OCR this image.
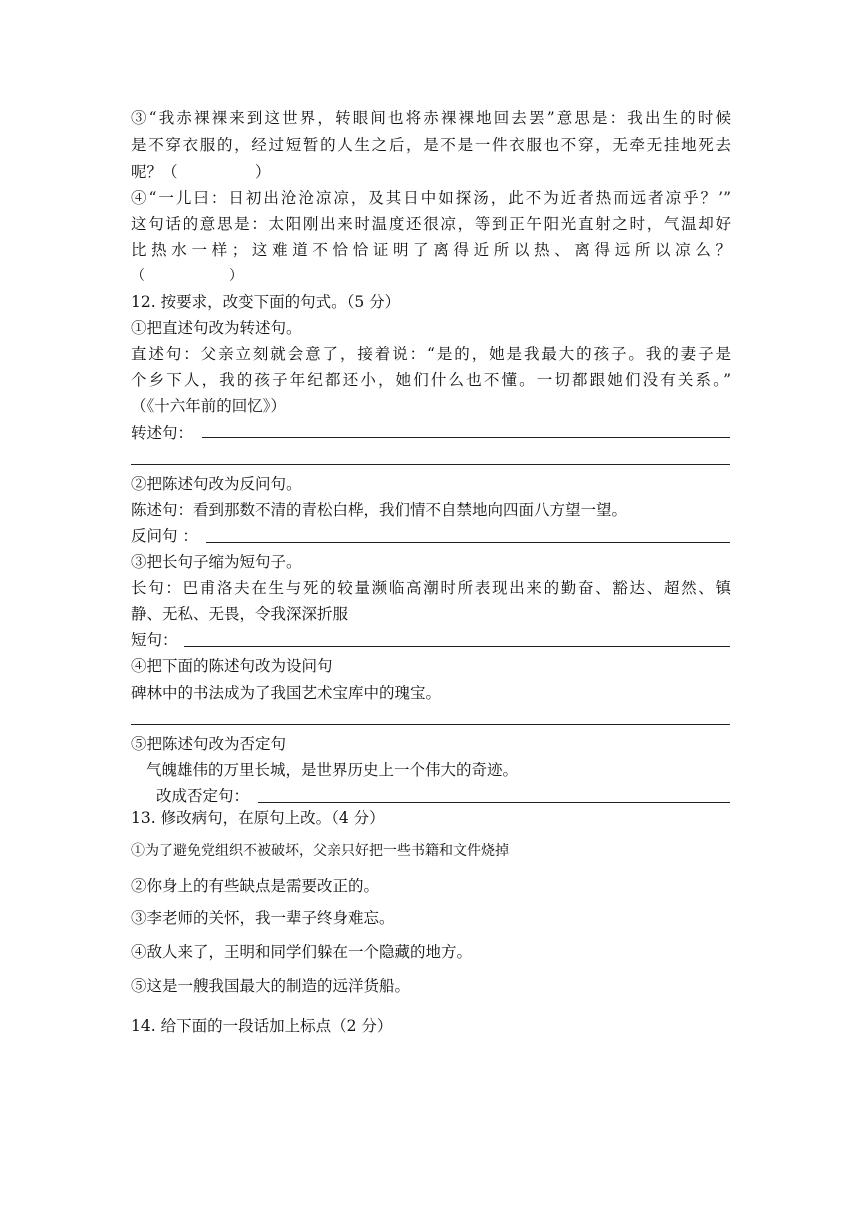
③“我赤裸裸来到这世界，转眼间也将赤裸裸地回去罢”意思是：我出生的时候
是不穿衣服的，经过短暂的人生之后，是不是一件衣服也不穿，无牵无挂地死去
呢？（　　　　　）
④“一儿曰：日初出沧沧凉凉，及其日中如探汤，此不为近者热而远者凉乎？’”
这句话的意思是：太阳刚出来时温度还很凉，等到正午阳光直射之时，气温却好
比热水一样；这难道不恰恰证明了离得近所以热、离得远所以凉么？
（　　　　　　）
12. 按要求，改变下面的句式。（5 分）
①把直述句改为转述句。
直述句：父亲立刻就会意了，接着说：“是的，她是我最大的孩子。我的妻子是
个乡下人，我的孩子年纪都还小，她们什么也不懂。一切都跟她们没有关系。”
（《十六年前的回忆》）
转述句：
②把陈述句改为反问句。
陈述句：看到那数不清的青松白桦，我们情不自禁地向四面八方望一望。
反问句 ：
③把长句子缩为短句子。
长句：巴甫洛夫在生与死的较量濒临高潮时所表现出来的勤奋、豁达、超然、镇
静、无私、无畏，令我深深折服
短句：
④把下面的陈述句改为设问句
碑林中的书法成为了我国艺术宝库中的瑰宝。
⑤把陈述句改为否定句
气魄雄伟的万里长城，是世界历史上一个伟大的奇迹。
改成否定句：
13. 修改病句，在原句上改。（4 分）
①为了避免党组织不被破坏，父亲只好把一些书籍和文件烧掉
②你身上的有些缺点是需要改正的。
③李老师的关怀，我一辈子终身难忘。
④敌人来了，王明和同学们躲在一个隐藏的地方。
⑤这是一艘我国最大的制造的远洋货船。
14. 给下面的一段话加上标点（2 分）
